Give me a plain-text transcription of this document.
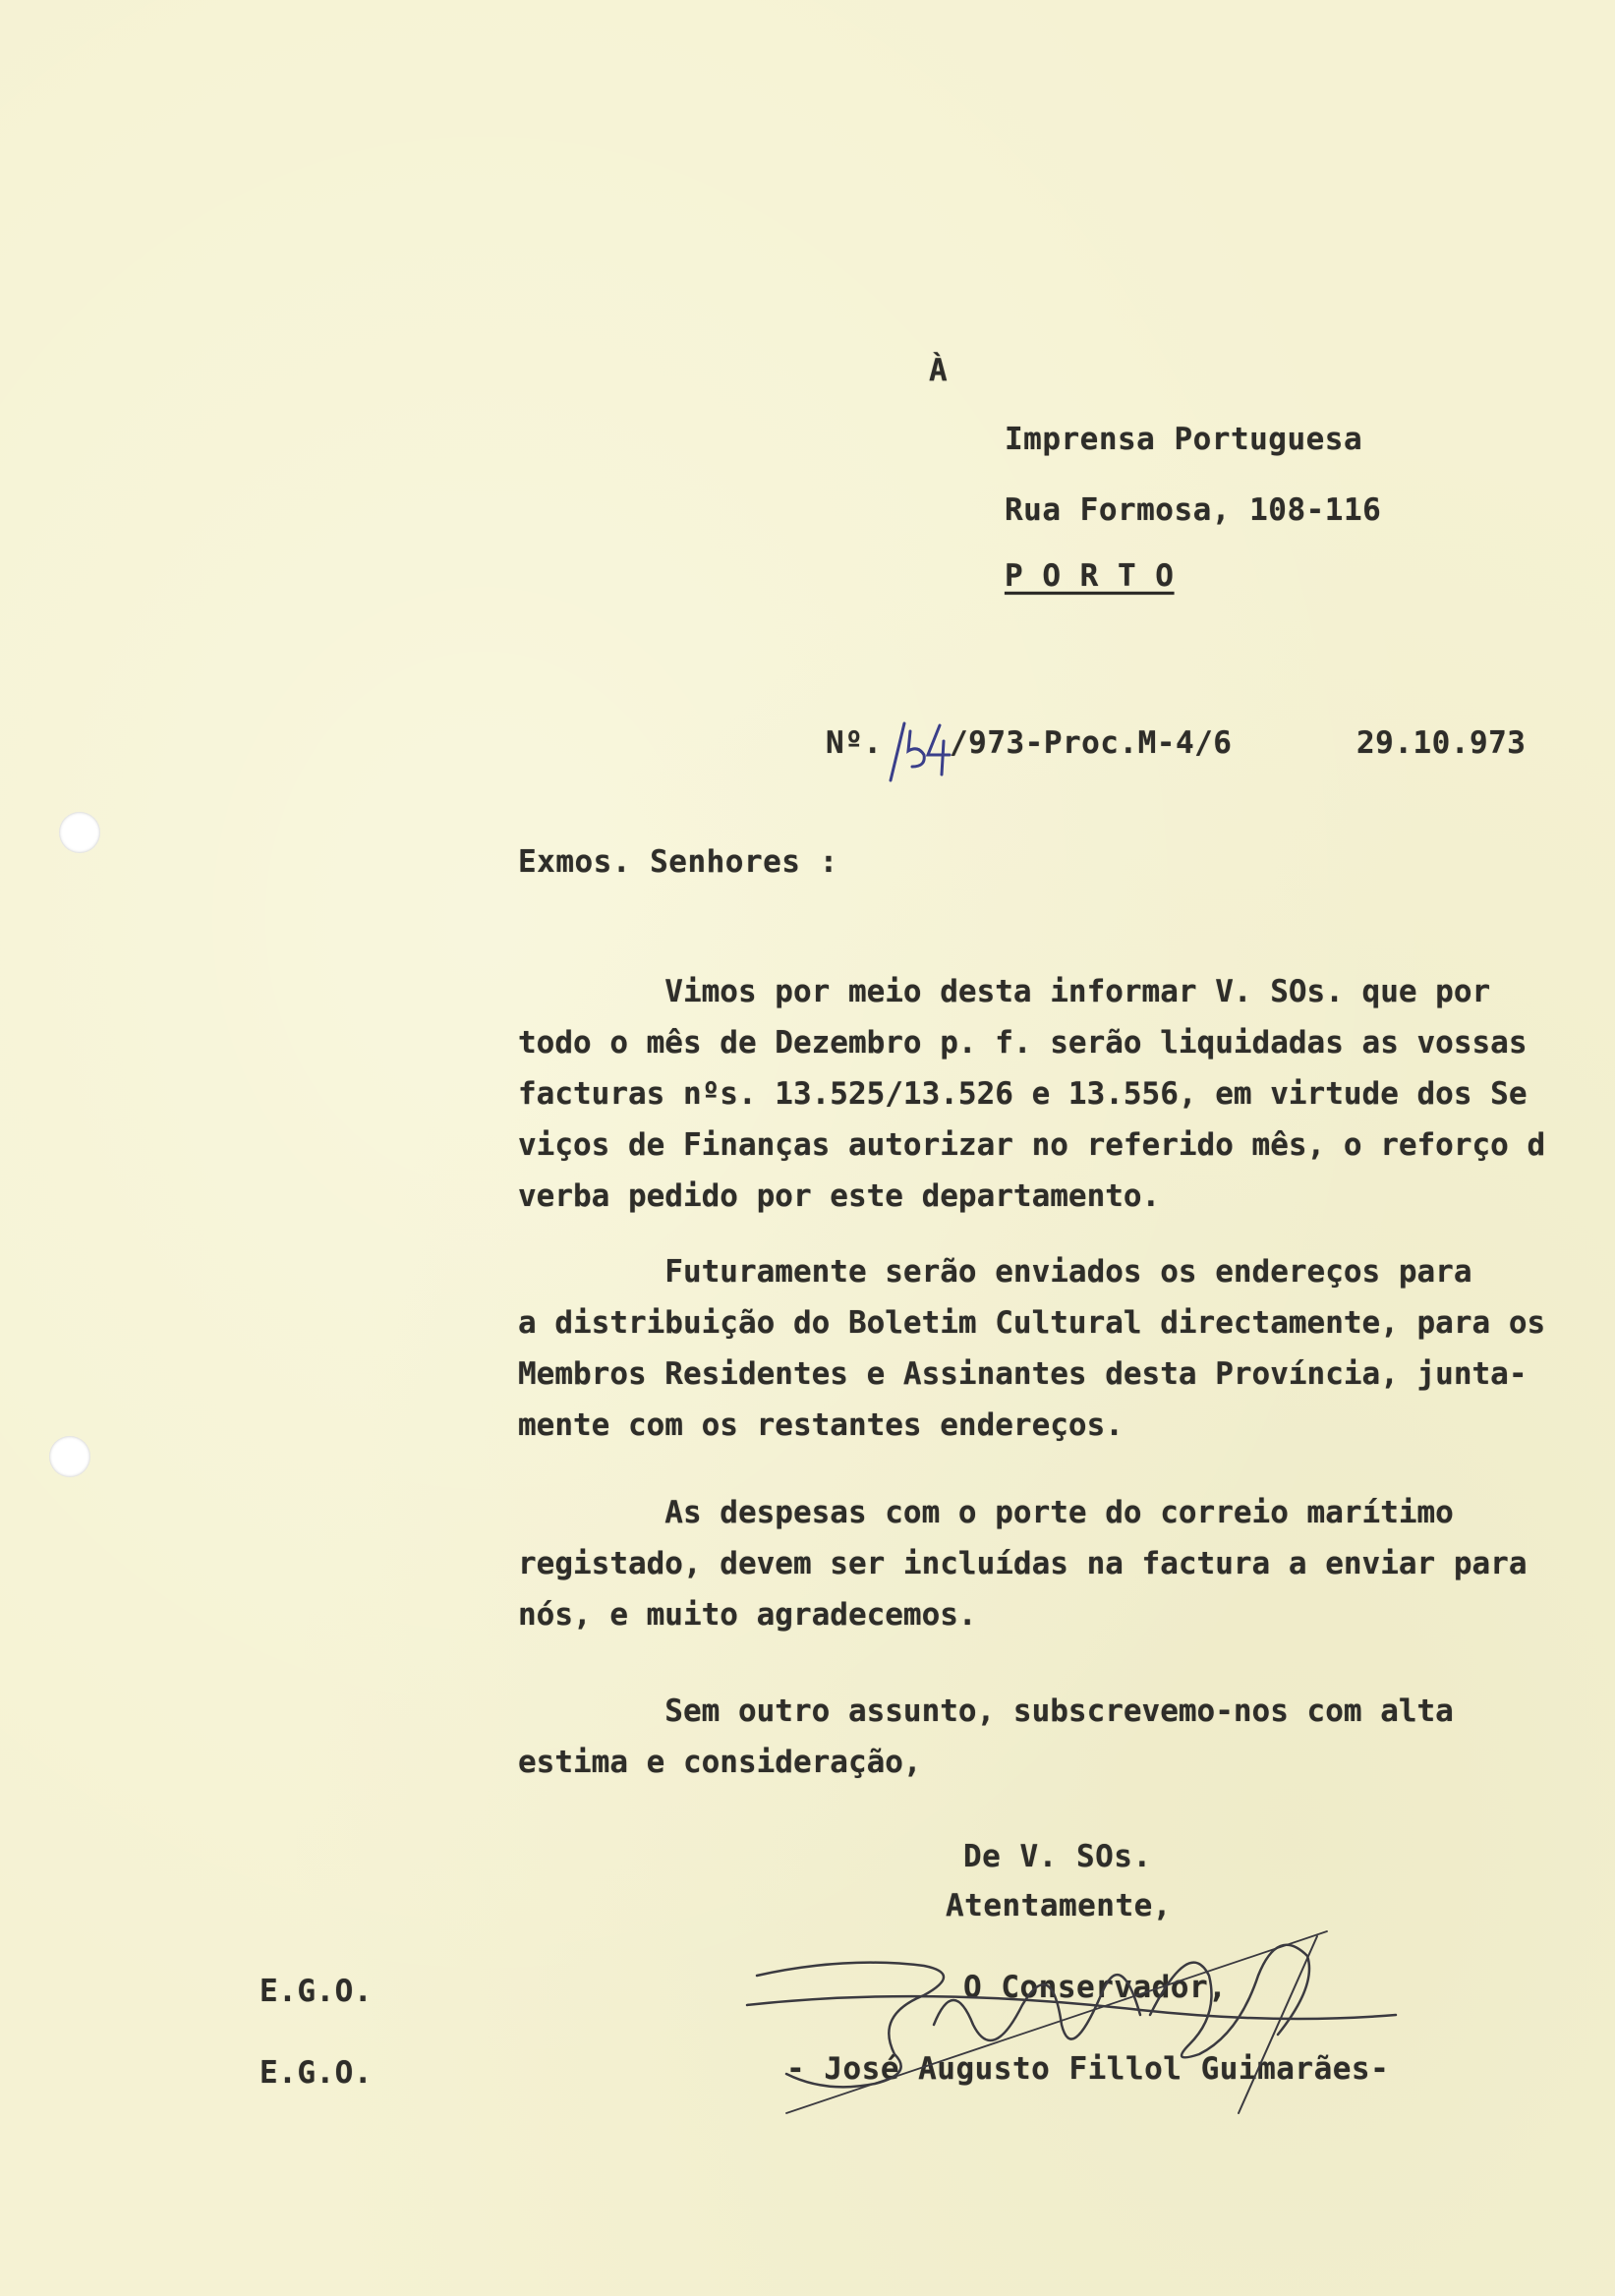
À
Imprensa Portuguesa
Rua Formosa, 108-116
P O R T O
Nº. /973-Proc.M-4/6	29.10.973
Exmos. Senhores :
Vimos por meio desta informar V. SOs. que por
todo o mês de Dezembro p. f. serão liquidadas as vossas
facturas nºs. 13.525/13.526 e 13.556, em virtude dos Se
viços de Finanças autorizar no referido mês, o reforço d
verba pedido por este departamento.
Futuramente serão enviados os endereços para
a distribuição do Boletim Cultural directamente, para os
Membros Residentes e Assinantes desta Província, junta-
mente com os restantes endereços.
As despesas com o porte do correio marítimo
registado, devem ser incluídas na factura a enviar para
nós, e muito agradecemos.
Sem outro assunto, subscrevemo-nos com alta
estima e consideração,
De V. SOs.
Atentamente,
O Conservador,
- José Augusto Fillol Guimarães-
E.G.O.
E.G.O.
